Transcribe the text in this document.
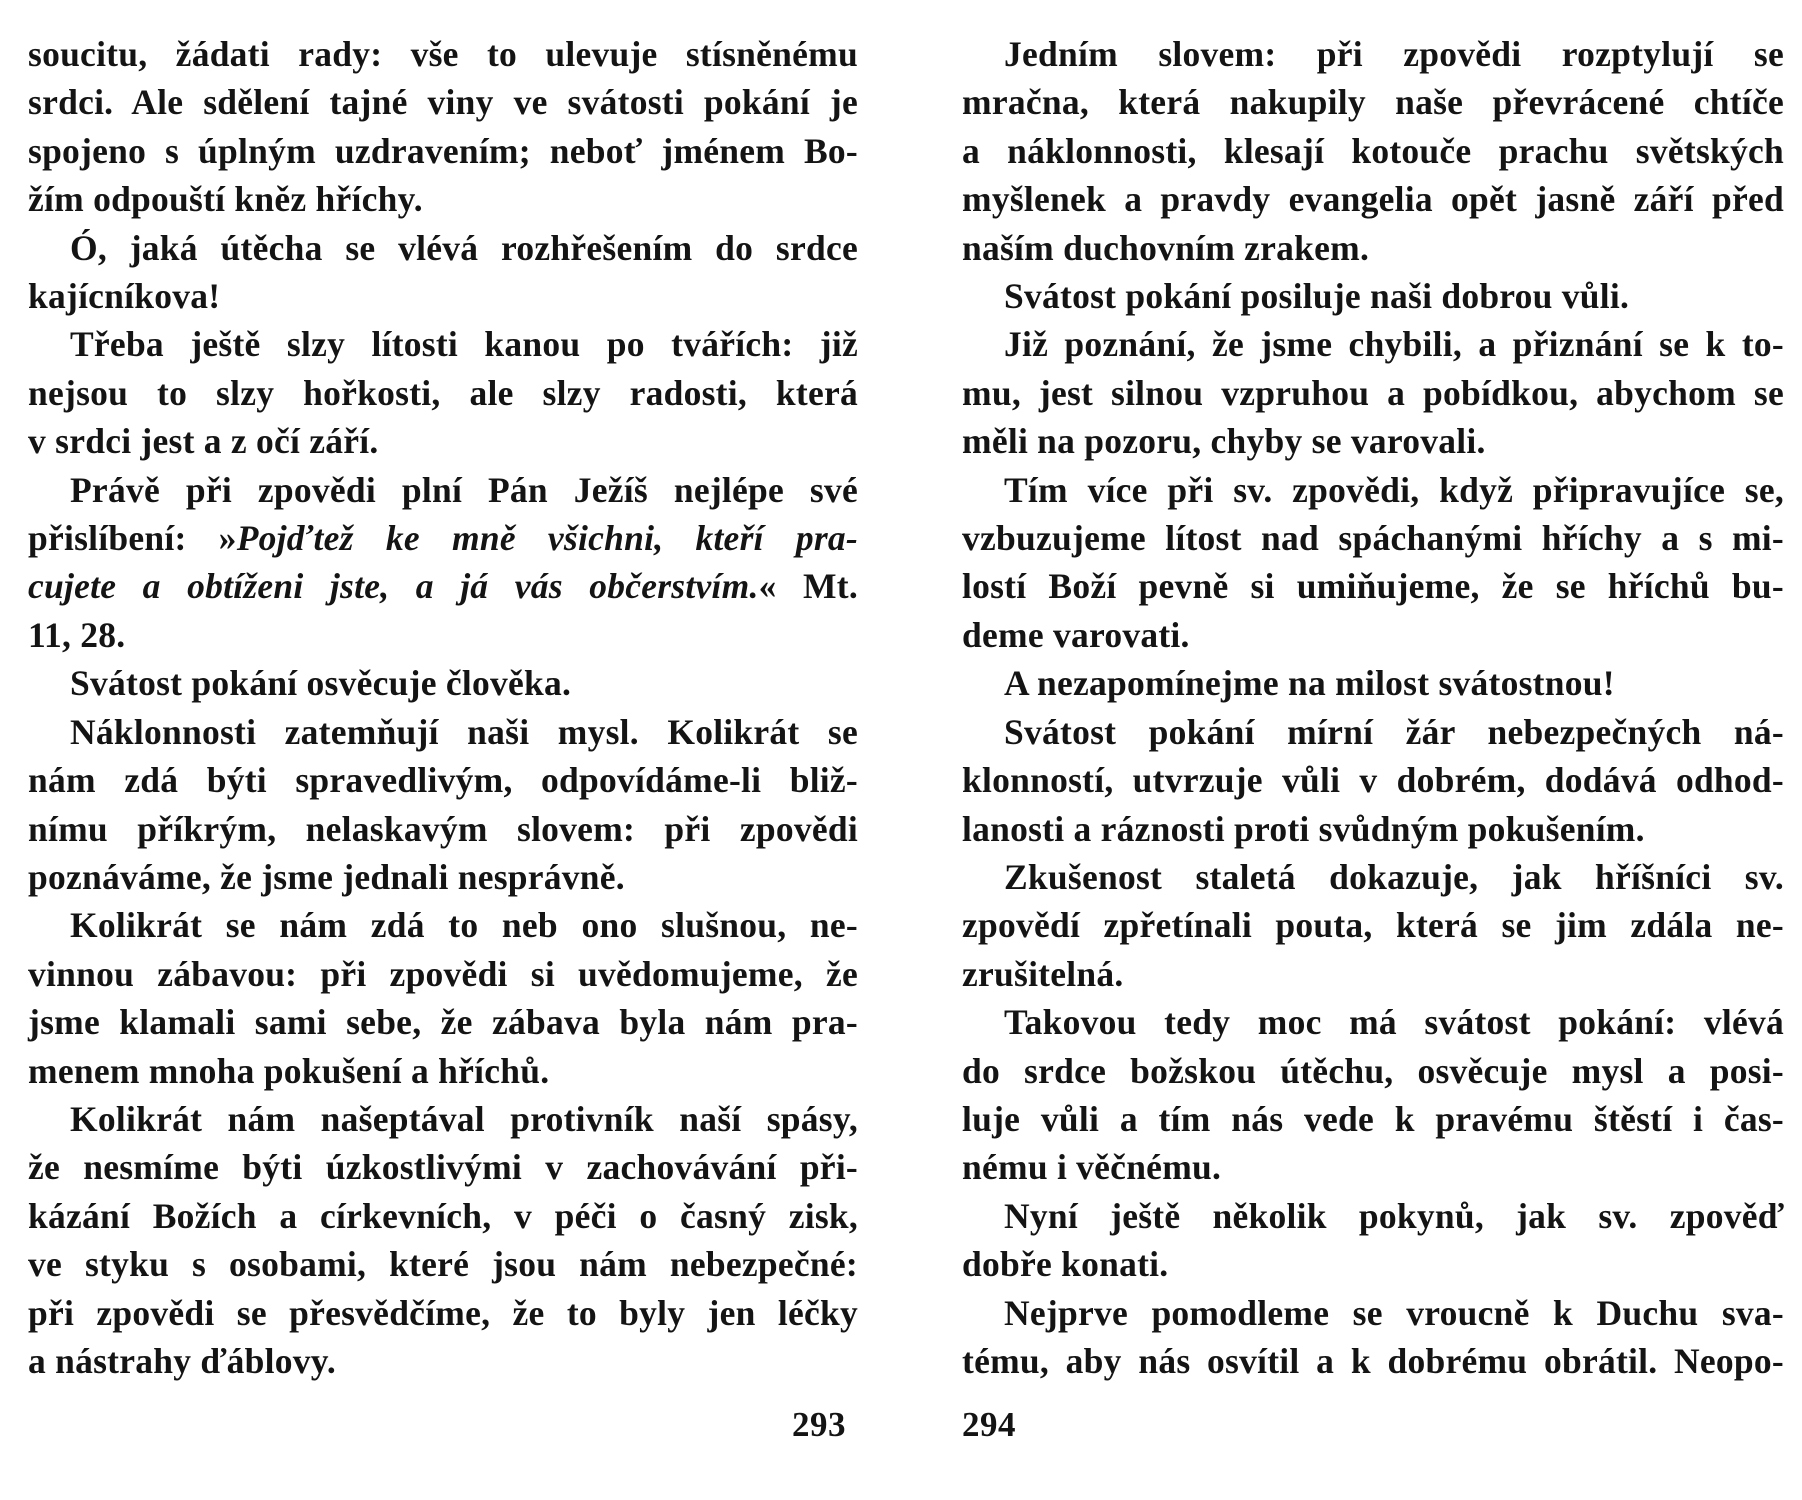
soucitu, žádati rady: vše to ulevuje stísněnému
srdci. Ale sdělení tajné viny ve svátosti pokání je
spojeno s úplným uzdravením; neboť jménem Bo-
žím odpouští kněz hříchy.
Ó, jaká útěcha se vlévá rozhřešením do srdce
kajícníkova!
Třeba ještě slzy lítosti kanou po tvářích: již
nejsou to slzy hořkosti, ale slzy radosti, která
v srdci jest a z očí září.
Právě při zpovědi plní Pán Ježíš nejlépe své
přislíbení: »Pojďtež ke mně všichni, kteří pra-
cujete a obtíženi jste, a já vás občerstvím.« Mt.
11, 28.
Svátost pokání osvěcuje člověka.
Náklonnosti zatemňují naši mysl. Kolikrát se
nám zdá býti spravedlivým, odpovídáme-li bliž-
nímu příkrým, nelaskavým slovem: při zpovědi
poznáváme, že jsme jednali nesprávně.
Kolikrát se nám zdá to neb ono slušnou, ne-
vinnou zábavou: při zpovědi si uvědomujeme, že
jsme klamali sami sebe, že zábava byla nám pra-
menem mnoha pokušení a hříchů.
Kolikrát nám našeptával protivník naší spásy,
že nesmíme býti úzkostlivými v zachovávání při-
kázání Božích a církevních, v péči o časný zisk,
ve styku s osobami, které jsou nám nebezpečné:
při zpovědi se přesvědčíme, že to byly jen léčky
a nástrahy ďáblovy.
293
Jedním slovem: při zpovědi rozptylují se
mračna, která nakupily naše převrácené chtíče
a náklonnosti, klesají kotouče prachu světských
myšlenek a pravdy evangelia opět jasně září před
naším duchovním zrakem.
Svátost pokání posiluje naši dobrou vůli.
Již poznání, že jsme chybili, a přiznání se k to-
mu, jest silnou vzpruhou a pobídkou, abychom se
měli na pozoru, chyby se varovali.
Tím více při sv. zpovědi, když připravujíce se,
vzbuzujeme lítost nad spáchanými hříchy a s mi-
lostí Boží pevně si umiňujeme, že se hříchů bu-
deme varovati.
A nezapomínejme na milost svátostnou!
Svátost pokání mírní žár nebezpečných ná-
klonností, utvrzuje vůli v dobrém, dodává odhod-
lanosti a ráznosti proti svůdným pokušením.
Zkušenost staletá dokazuje, jak hříšníci sv.
zpovědí zpřetínali pouta, která se jim zdála ne-
zrušitelná.
Takovou tedy moc má svátost pokání: vlévá
do srdce božskou útěchu, osvěcuje mysl a posi-
luje vůli a tím nás vede k pravému štěstí i čas-
nému i věčnému.
Nyní ještě několik pokynů, jak sv. zpověď
dobře konati.
Nejprve pomodleme se vroucně k Duchu sva-
tému, aby nás osvítil a k dobrému obrátil. Neopo-
294
